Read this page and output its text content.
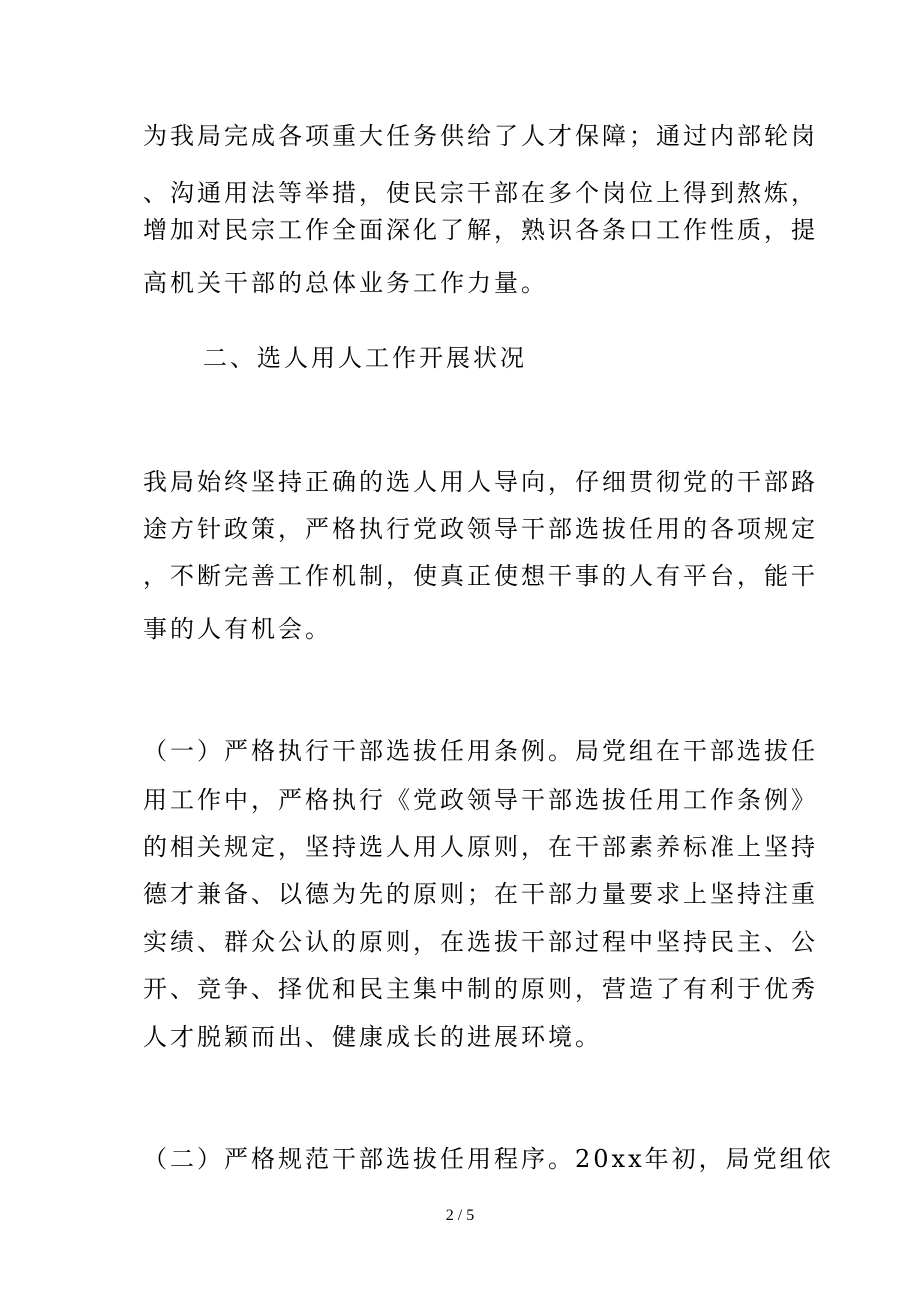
为我局完成各项重大任务供给了人才保障；通过内部轮岗
、沟通用法等举措，使民宗干部在多个岗位上得到熬炼，
增加对民宗工作全面深化了解，熟识各条口工作性质，提
高机关干部的总体业务工作力量。
二、选人用人工作开展状况
我局始终坚持正确的选人用人导向，仔细贯彻党的干部路
途方针政策，严格执行党政领导干部选拔任用的各项规定
，不断完善工作机制，使真正使想干事的人有平台，能干
事的人有机会。
（一）严格执行干部选拔任用条例。局党组在干部选拔任
用工作中，严格执行《党政领导干部选拔任用工作条例》
的相关规定，坚持选人用人原则，在干部素养标准上坚持
德才兼备、以德为先的原则；在干部力量要求上坚持注重
实绩、群众公认的原则，在选拔干部过程中坚持民主、公
开、竞争、择优和民主集中制的原则，营造了有利于优秀
人才脱颖而出、健康成长的进展环境。
（二）严格规范干部选拔任用程序。20xx年初，局党组依
2 / 5
